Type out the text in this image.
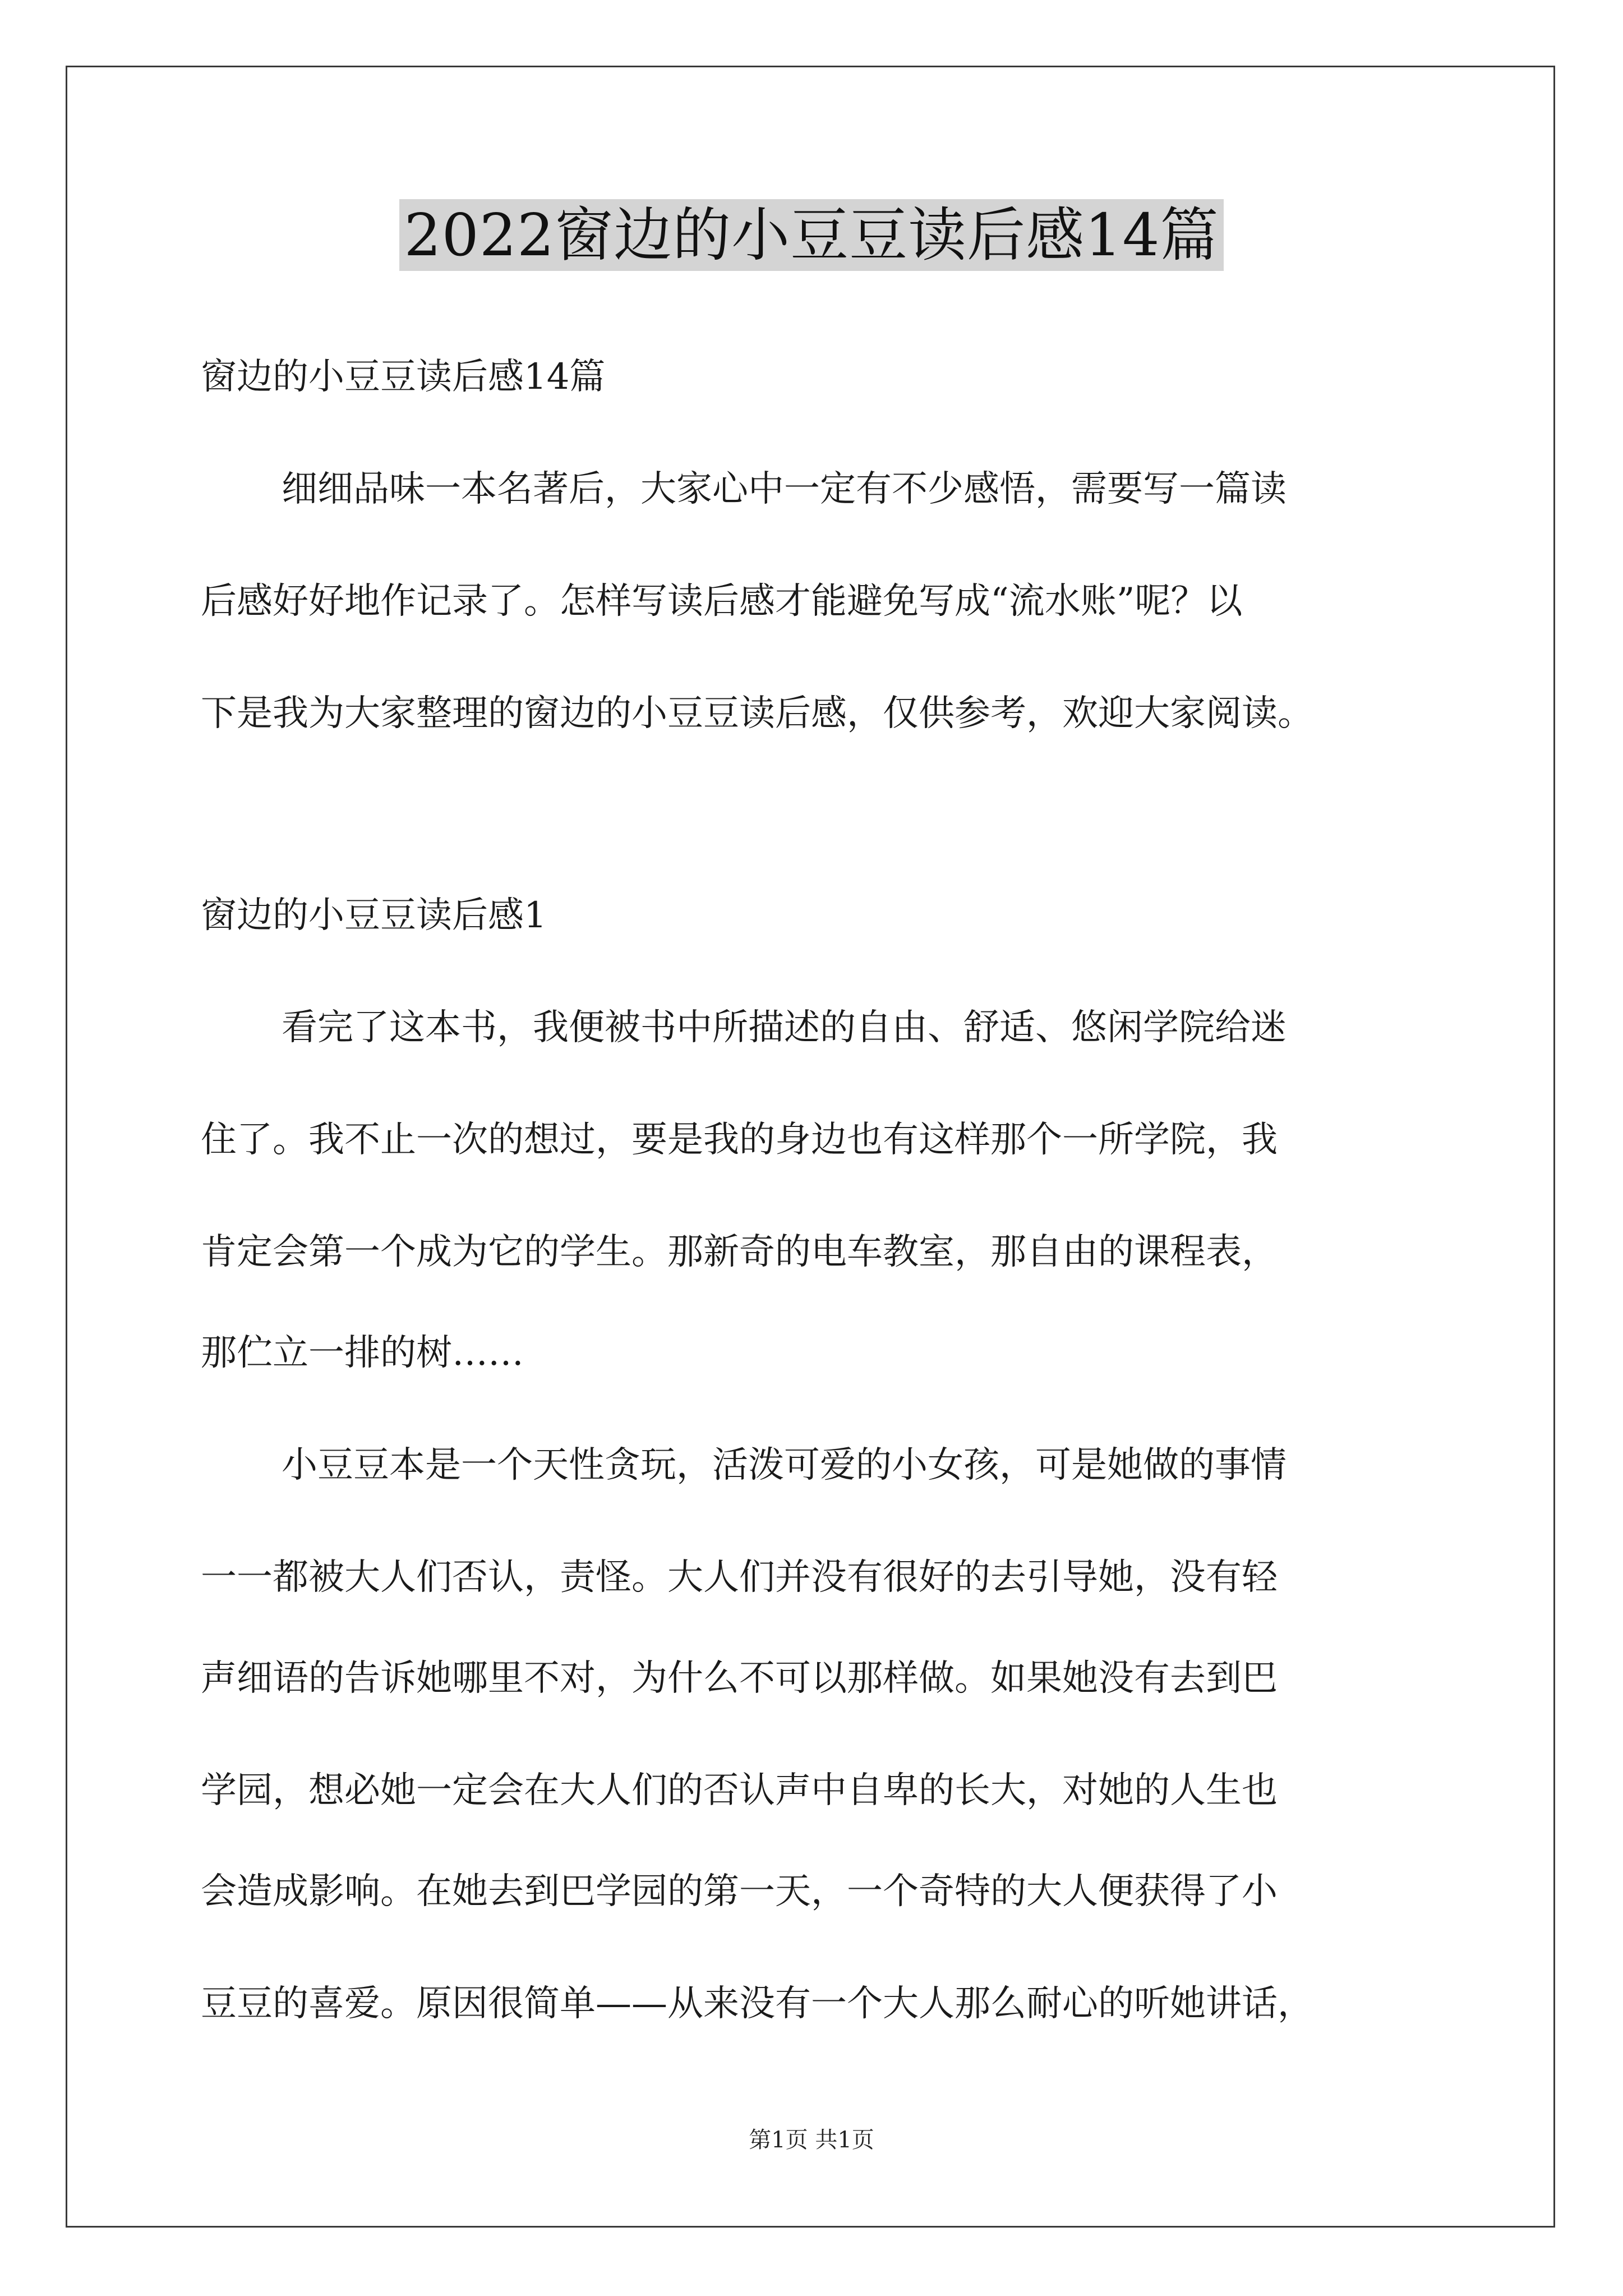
2022窗边的小豆豆读后感14篇

窗边的小豆豆读后感14篇

细细品味一本名著后，大家心中一定有不少感悟，需要写一篇读

后感好好地作记录了。怎样写读后感才能避免写成“流水账”呢？以

下是我为大家整理的窗边的小豆豆读后感，仅供参考，欢迎大家阅读。

窗边的小豆豆读后感1

看完了这本书，我便被书中所描述的自由、舒适、悠闲学院给迷

住了。我不止一次的想过，要是我的身边也有这样那个一所学院，我

肯定会第一个成为它的学生。那新奇的电车教室，那自由的课程表，

那伫立一排的树……

小豆豆本是一个天性贪玩，活泼可爱的小女孩，可是她做的事情

一一都被大人们否认，责怪。大人们并没有很好的去引导她，没有轻

声细语的告诉她哪里不对，为什么不可以那样做。如果她没有去到巴

学园，想必她一定会在大人们的否认声中自卑的长大，对她的人生也

会造成影响。在她去到巴学园的第一天，一个奇特的大人便获得了小

豆豆的喜爱。原因很简单——从来没有一个大人那么耐心的听她讲话，

第1页 共1页
